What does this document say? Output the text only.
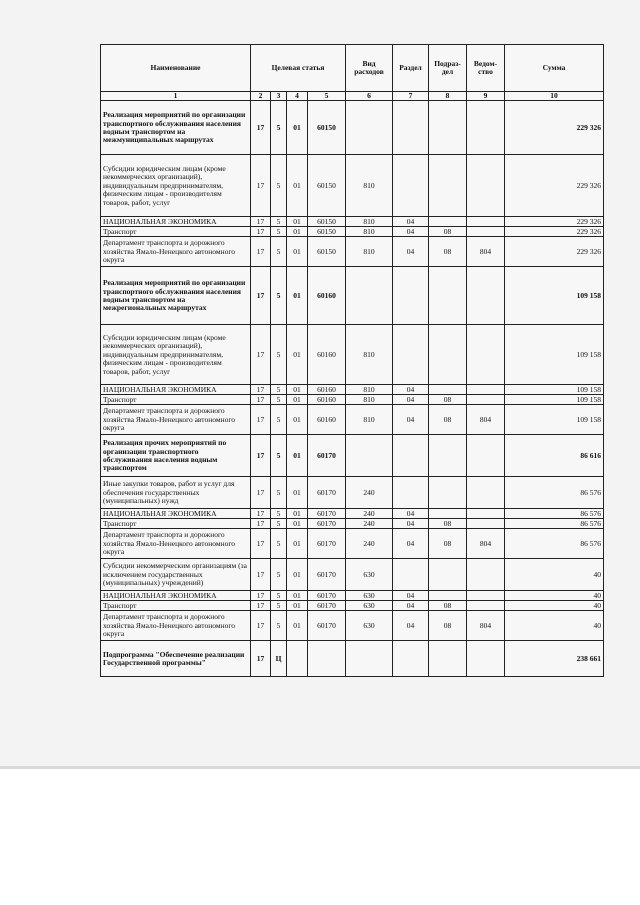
Наименование	Целевая статья				Вид расходов	Раздел	Подраз-дел	Ведом-ство	Сумма
1	2	3	4	5	6	7	8	9	10
Реализация мероприятий по организации транспортного обслуживания населения водным транспортом на межмуниципальных маршрутах	17	5	01	60150					229 326
Субсидии юридическим лицам (кроме некоммерческих организаций), индивидуальным предпринимателям, физическим лицам - производителям товаров, работ, услуг	17	5	01	60150	810				229 326
НАЦИОНАЛЬНАЯ ЭКОНОМИКА	17	5	01	60150	810	04			229 326
Транспорт	17	5	01	60150	810	04	08		229 326
Департамент транспорта и дорожного хозяйства Ямало-Ненецкого автономного округа	17	5	01	60150	810	04	08	804	229 326
Реализация мероприятий по организации транспортного обслуживания населения водным транспортом на межрегиональных маршрутах	17	5	01	60160					109 158
Субсидии юридическим лицам (кроме некоммерческих организаций), индивидуальным предпринимателям, физическим лицам - производителям товаров, работ, услуг	17	5	01	60160	810				109 158
НАЦИОНАЛЬНАЯ ЭКОНОМИКА	17	5	01	60160	810	04			109 158
Транспорт	17	5	01	60160	810	04	08		109 158
Департамент транспорта и дорожного хозяйства Ямало-Ненецкого автономного округа	17	5	01	60160	810	04	08	804	109 158
Реализация прочих мероприятий по организации транспортного обслуживания населения водным транспортом	17	5	01	60170					86 616
Иные закупки товаров, работ и услуг для обеспечения государственных (муниципальных) нужд	17	5	01	60170	240				86 576
НАЦИОНАЛЬНАЯ ЭКОНОМИКА	17	5	01	60170	240	04			86 576
Транспорт	17	5	01	60170	240	04	08		86 576
Департамент транспорта и дорожного хозяйства Ямало-Ненецкого автономного округа	17	5	01	60170	240	04	08	804	86 576
Субсидии некоммерческим организациям (за исключением государственных (муниципальных) учреждений)	17	5	01	60170	630				40
НАЦИОНАЛЬНАЯ ЭКОНОМИКА	17	5	01	60170	630	04			40
Транспорт	17	5	01	60170	630	04	08		40
Департамент транспорта и дорожного хозяйства Ямало-Ненецкого автономного округа	17	5	01	60170	630	04	08	804	40
Подпрограмма "Обеспечение реализации Государственной программы"	17	Ц							238 661
